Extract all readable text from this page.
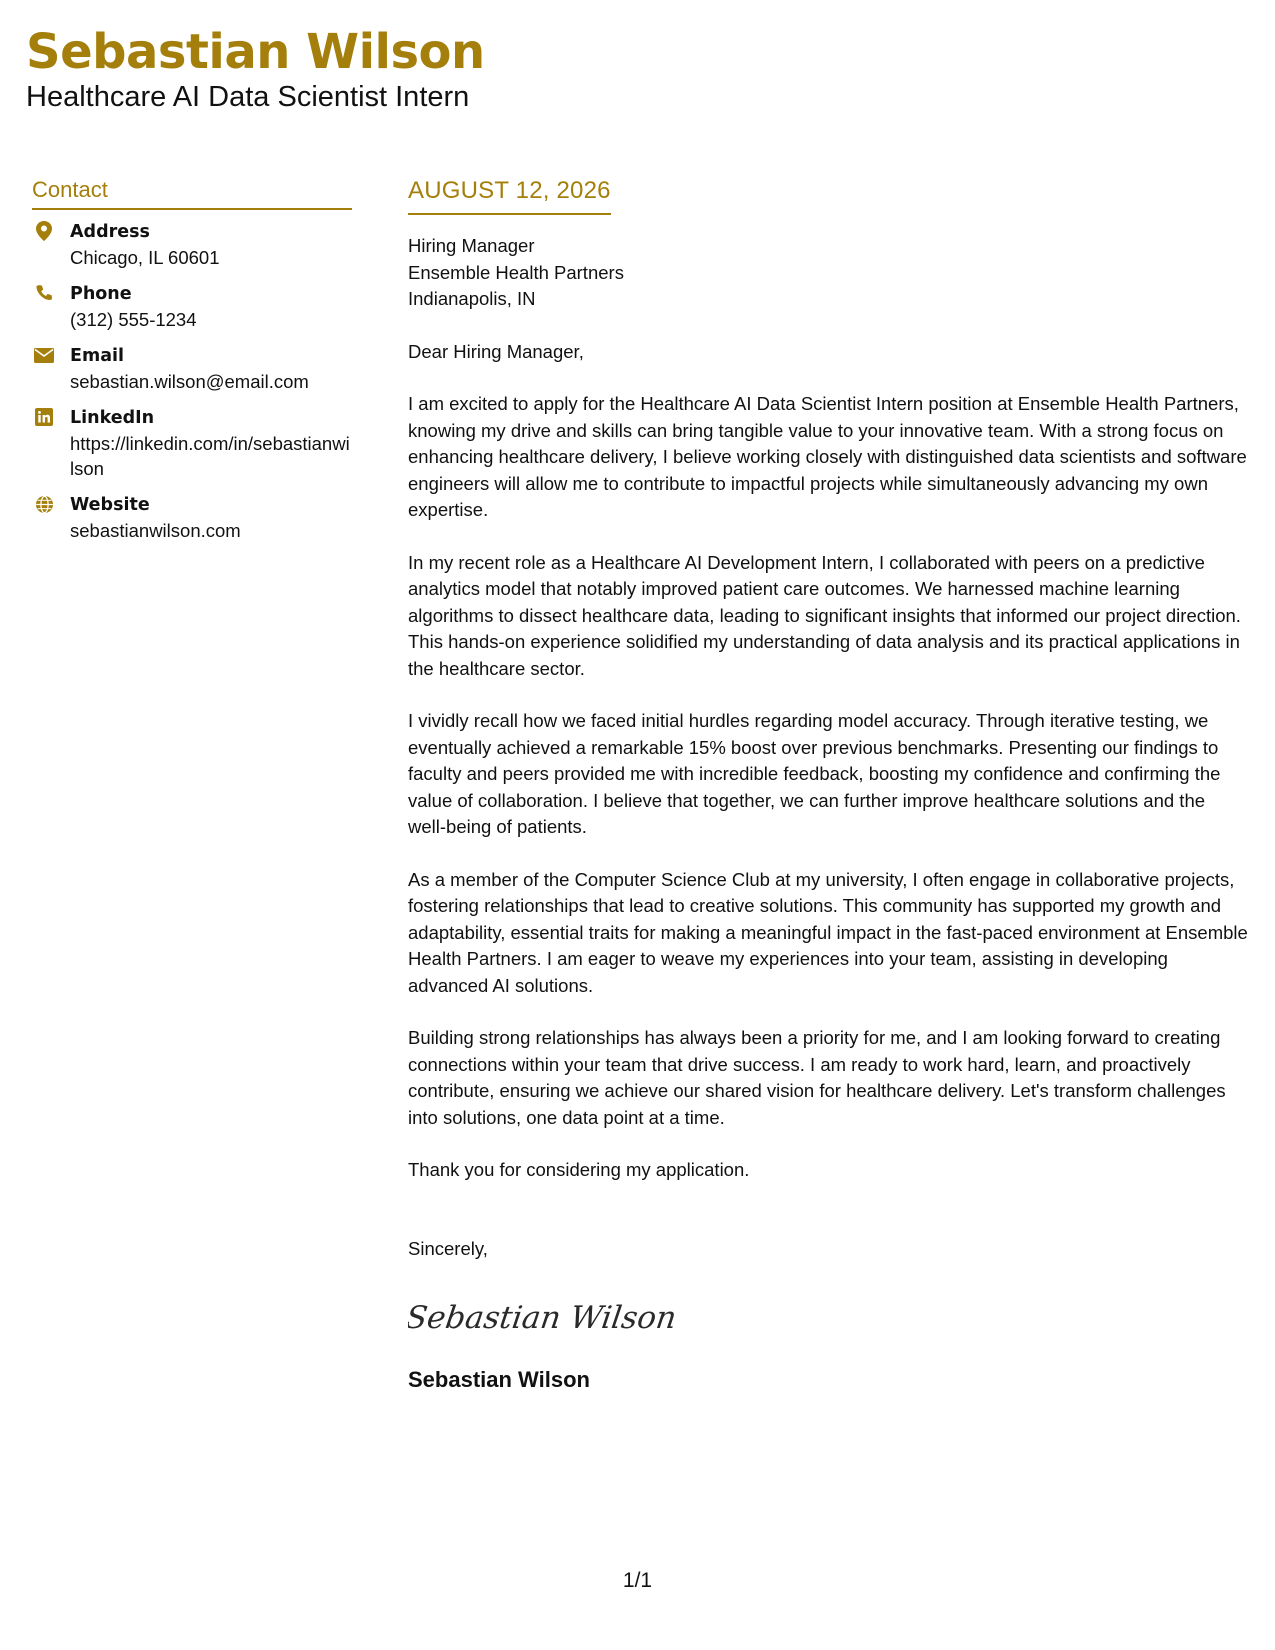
Sebastian Wilson
Healthcare AI Data Scientist Intern
Contact
Address
Chicago, IL 60601
Phone
(312) 555-1234
Email
sebastian.wilson@email.com
LinkedIn
https://linkedin.com/in/sebastianwilson
Website
sebastianwilson.com
AUGUST 12, 2026
Hiring Manager
Ensemble Health Partners
Indianapolis, IN
Dear Hiring Manager,

I am excited to apply for the Healthcare AI Data Scientist Intern position at Ensemble Health Partners, knowing my drive and skills can bring tangible value to your innovative team. With a strong focus on enhancing healthcare delivery, I believe working closely with distinguished data scientists and software engineers will allow me to contribute to impactful projects while simultaneously advancing my own expertise.

In my recent role as a Healthcare AI Development Intern, I collaborated with peers on a predictive analytics model that notably improved patient care outcomes. We harnessed machine learning algorithms to dissect healthcare data, leading to significant insights that informed our project direction. This hands-on experience solidified my understanding of data analysis and its practical applications in the healthcare sector.

I vividly recall how we faced initial hurdles regarding model accuracy. Through iterative testing, we eventually achieved a remarkable 15% boost over previous benchmarks. Presenting our findings to faculty and peers provided me with incredible feedback, boosting my confidence and confirming the value of collaboration. I believe that together, we can further improve healthcare solutions and the well-being of patients.

As a member of the Computer Science Club at my university, I often engage in collaborative projects, fostering relationships that lead to creative solutions. This community has supported my growth and adaptability, essential traits for making a meaningful impact in the fast-paced environment at Ensemble Health Partners. I am eager to weave my experiences into your team, assisting in developing advanced AI solutions.

Building strong relationships has always been a priority for me, and I am looking forward to creating connections within your team that drive success. I am ready to work hard, learn, and proactively contribute, ensuring we achieve our shared vision for healthcare delivery. Let's transform challenges into solutions, one data point at a time.

Thank you for considering my application.

Sincerely,
Sebastian Wilson
Sebastian Wilson
1/1
